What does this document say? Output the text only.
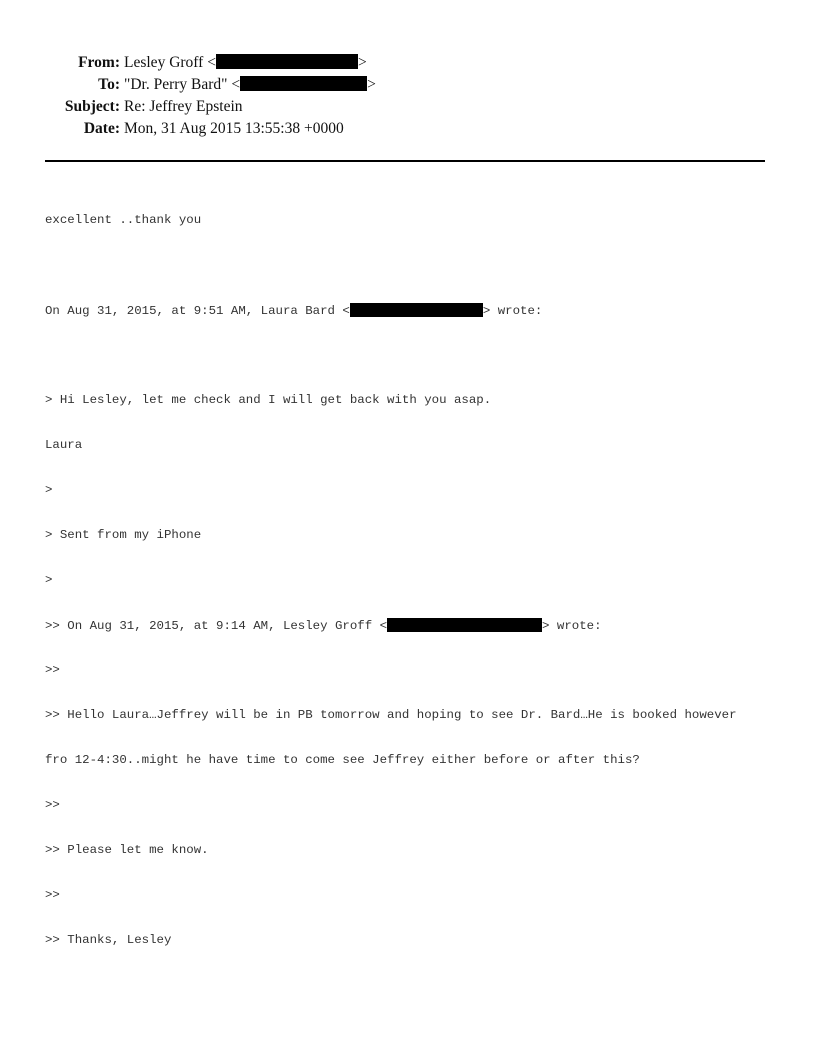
From: Lesley Groff <	>
To: "Dr. Perry Bard" <	>
Subject: Re: Jeffrey Epstein
Date: Mon, 31 Aug 2015 13:55:38 +0000

excellent ..thank you

On Aug 31, 2015, at 9:51 AM, Laura Bard <	> wrote:

> Hi Lesley, let me check and I will get back with you asap.

Laura

>

> Sent from my iPhone

>

>> On Aug 31, 2015, at 9:14 AM, Lesley Groff <	> wrote:

>>

>> Hello Laura…Jeffrey will be in PB tomorrow and hoping to see Dr. Bard…He is booked however

fro 12-4:30..might he have time to come see Jeffrey either before or after this?

>>

>> Please let me know.

>>

>> Thanks, Lesley
